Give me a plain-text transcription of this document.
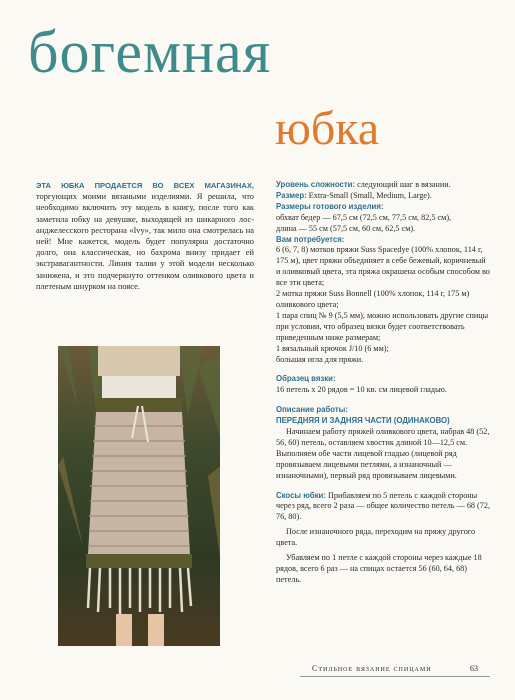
богемная
юбка
ЭТА ЮБКА ПРОДАЕТСЯ ВО ВСЕХ МАГАЗИНАХ, торгующих моими вязаными изделиями. Я решила, что необходимо включить эту модель в книгу, после того как заметила юбку на девушке, выходящей из шикарного лос-анджелесского ресторана «Ivy», так мило она смотрелась на ней! Мне кажется, модель будет популярна достаточно долго, она классическая, но бахрома внизу придает ей экстравагантности. Линия талии у этой модели несколько занижена, и это подчеркнуто оттенком оливкового цвета и плетеным шнурком на поясе.

Уровень сложности: следующий шаг в вязании.

Размер: Extra-Small (Small, Medium, Large).

Размеры готового изделия:

обхват бедер — 67,5 см (72,5 см, 77,5 см, 82,5 см),

длина — 55 см (57,5 см, 60 см, 62,5 см).

Вам потребуется:

6 (6, 7, 8) мотков пряжи Suss Spacedye (100% хлопок, 114 г, 175 м), цвет пряжи объединяет в себе бежевый, коричневый и оливковый цвета, эта пряжа окрашена особым способом во все эти цвета;

2 мотка пряжи Suss Bonnell (100% хлопок, 114 г, 175 м) оливкового цвета;

1 пара спиц № 9 (5,5 мм), можно использовать другие спицы при условии, что образец вязки будет соответствовать приведенным ниже размерам;

1 вязальный крючок J/10 (6 мм);

большая игла для пряжи.

Образец вязки:

16 петель х 20 рядов = 10 кв. см лицевой гладью.

Описание работы:

ПЕРЕДНЯЯ И ЗАДНЯЯ ЧАСТИ (ОДИНАКОВО)

Начинаем работу пряжей оливкового цвета, набрав 48 (52, 56, 60) петель, оставляем хвостик длиной 10—12,5 см. Выполняем обе части лицевой гладью (лицевой ряд провязываем лицевыми петлями, а изнаночный — изнаночными), первый ряд провязываем лицевыми.

Скосы юбки: Прибавляем по 5 петель с каждой стороны через ряд, всего 2 раза — общее количество петель — 68 (72, 76, 80).

После изнаночного ряда, переходим на пряжу другого цвета.

Убавляем по 1 петле с каждой стороны через каждые 18 рядов, всего 6 раз — на спицах остается 56 (60, 64, 68) петель.

Стильное вязание спицами	63
